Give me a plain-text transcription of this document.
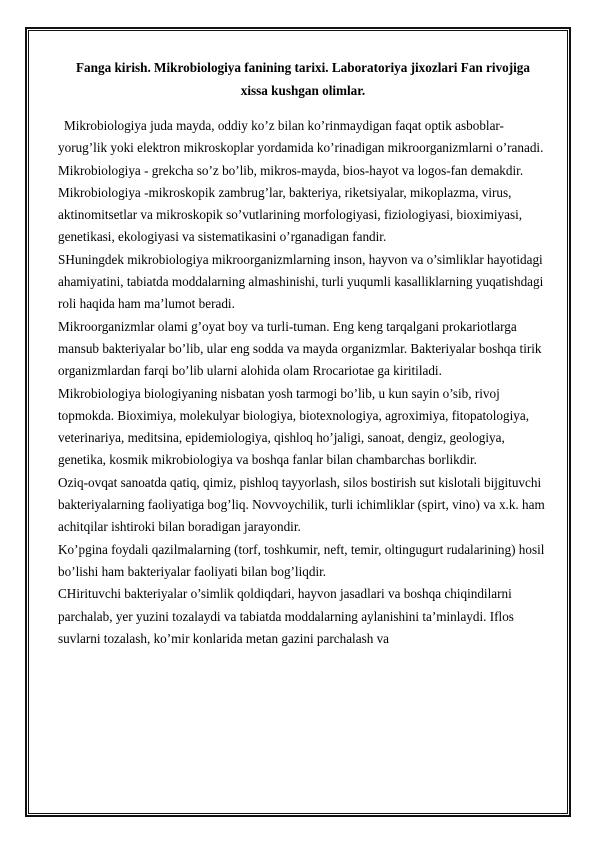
Fanga kirish. Mikrobiologiya fanining tarixi. Laboratoriya jixozlari Fan rivojiga xissa kushgan olimlar.

Mikrobiologiya juda mayda, oddiy ko’z bilan ko’rinmaydigan faqat optik asboblar-yorug’lik yoki elektron mikroskoplar yordamida ko’rinadigan mikroorganizmlarni o’ranadi. Mikrobiologiya - grekcha so’z bo’lib, mikros-mayda, bios-hayot va logos-fan demakdir. Mikrobiologiya -mikroskopik zambrug’lar, bakteriya, riketsiyalar, mikoplazma, virus, aktinomitsetlar va mikroskopik so’vutlarining morfologiyasi, fiziologiyasi, bioximiyasi, genetikasi, ekologiyasi va sistematikasini o’rganadigan fandir.

SHuningdek mikrobiologiya mikroorganizmlarning inson, hayvon va o’simliklar hayotidagi ahamiyatini, tabiatda moddalarning almashinishi, turli yuqumli kasalliklarning yuqatishdagi roli haqida ham ma’lumot beradi.

Mikroorganizmlar olami g’oyat boy va turli-tuman. Eng keng tarqalgani prokariotlarga mansub bakteriyalar bo’lib, ular eng sodda va mayda organizmlar. Bakteriyalar boshqa tirik organizmlardan farqi bo’lib ularni alohida olam Rrocariotae ga kiritiladi.

Mikrobiologiya biologiyaning nisbatan yosh tarmogi bo’lib, u kun sayin o’sib, rivoj topmokda. Bioximiya, molekulyar biologiya, biotexnologiya, agroximiya, fitopatologiya, veterinariya, meditsina, epidemiologiya, qishloq ho’jaligi, sanoat, dengiz, geologiya, genetika, kosmik mikrobiologiya va boshqa fanlar bilan chambarchas borlikdir.

Oziq-ovqat sanoatda qatiq, qimiz, pishloq tayyorlash, silos bostirish sut kislotali bijgituvchi bakteriyalarning faoliyatiga bog’liq. Novvoychilik, turli ichimliklar (spirt, vino) va x.k. ham achitqilar ishtiroki bilan boradigan jarayondir.

Ko’pgina foydali qazilmalarning (torf, toshkumir, neft, temir, oltingugurt rudalarining) hosil bo’lishi ham bakteriyalar faoliyati bilan bog’liqdir.

CHirituvchi bakteriyalar o’simlik qoldiqdari, hayvon jasadlari va boshqa chiqindilarni parchalab, yer yuzini tozalaydi va tabiatda moddalarning aylanishini ta’minlaydi. Iflos suvlarni tozalash, ko’mir konlarida metan gazini parchalash va
